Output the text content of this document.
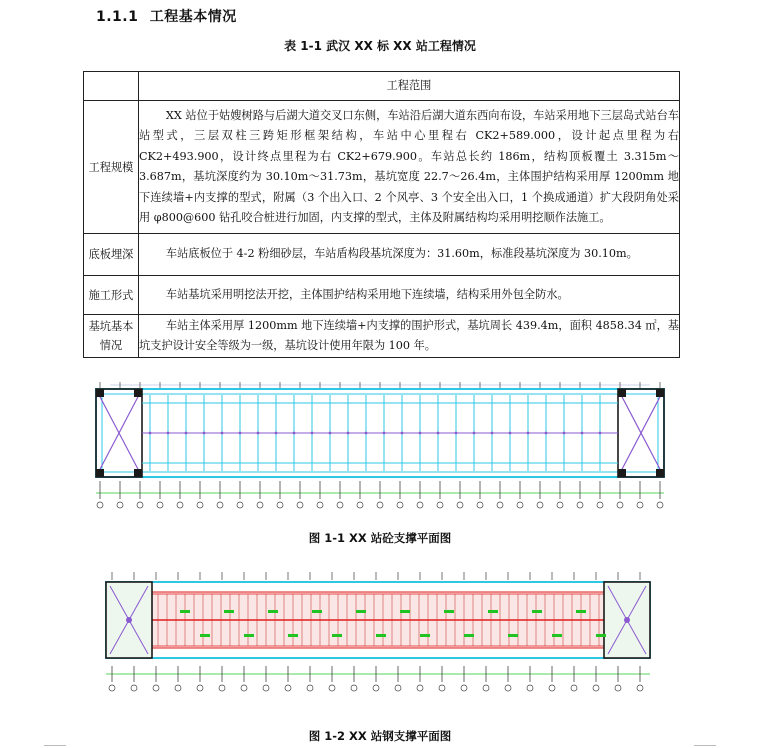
1.1.1 工程基本情况
表 1-1 武汉 XX 标 XX 站工程情况
	工程范围
工程规模	XX 站位于姑嫂树路与后湖大道交叉口东侧，车站沿后湖大道东西向布设，车站采用地下三层岛式站台车站型式，三层双柱三跨矩形框架结构，车站中心里程右 CK2+589.000，设计起点里程为右 CK2+493.900，设计终点里程为右 CK2+679.900。车站总长约 186m，结构顶板覆土 3.315m～3.687m，基坑深度约为 30.10m～31.73m，基坑宽度 22.7～26.4m，主体围护结构采用厚 1200mm 地下连续墙+内支撑的型式，附属（3 个出入口、2 个风亭、3 个安全出入口，1 个换成通道）扩大段阴角处采用 φ800@600 钻孔咬合桩进行加固，内支撑的型式，主体及附属结构均采用明挖顺作法施工。
底板埋深	车站底板位于 4-2 粉细砂层，车站盾构段基坑深度为：31.60m，标准段基坑深度为 30.10m。
施工形式	车站基坑采用明挖法开挖，主体围护结构采用地下连续墙，结构采用外包全防水。
基坑基本情况	车站主体采用厚 1200mm 地下连续墙+内支撑的围护形式，基坑周长 439.4m，面积 4858.34 ㎡，基坑支护设计安全等级为一级，基坑设计使用年限为 100 年。
图 1-1 XX 站砼支撑平面图
图 1-2 XX 站钢支撑平面图
